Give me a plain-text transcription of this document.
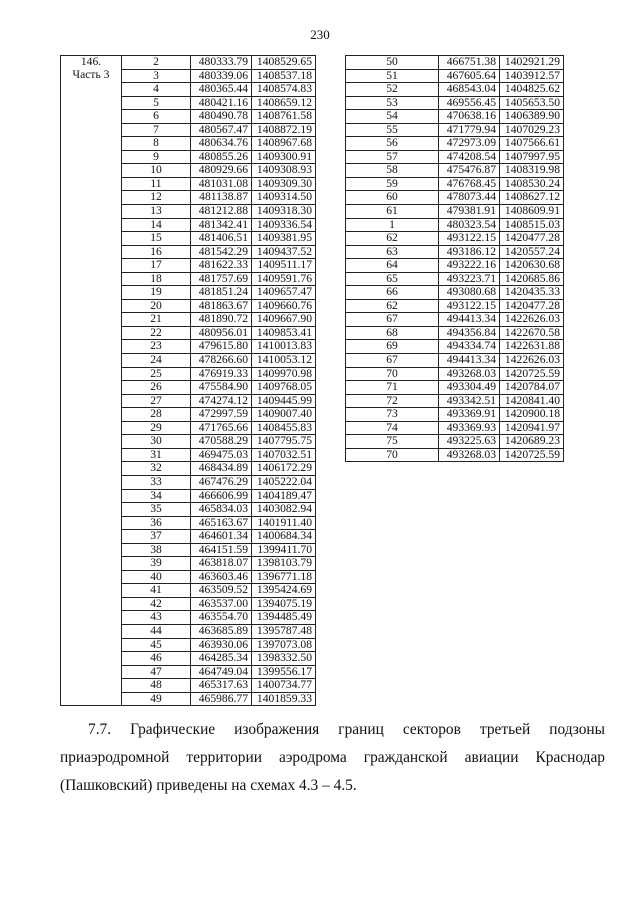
230
146.
Часть 3	2	480333.79	1408529.65
	3	480339.06	1408537.18
	4	480365.44	1408574.83
	5	480421.16	1408659.12
	6	480490.78	1408761.58
	7	480567.47	1408872.19
	8	480634.76	1408967.68
	9	480855.26	1409300.91
	10	480929.66	1409308.93
	11	481031.08	1409309.30
	12	481138.87	1409314.50
	13	481212.88	1409318.30
	14	481342.41	1409336.54
	15	481406.51	1409381.95
	16	481542.29	1409437.52
	17	481622.33	1409511.17
	18	481757.69	1409591.76
	19	481851.24	1409657.47
	20	481863.67	1409660.76
	21	481890.72	1409667.90
	22	480956.01	1409853.41
	23	479615.80	1410013.83
	24	478266.60	1410053.12
	25	476919.33	1409970.98
	26	475584.90	1409768.05
	27	474274.12	1409445.99
	28	472997.59	1409007.40
	29	471765.66	1408455.83
	30	470588.29	1407795.75
	31	469475.03	1407032.51
	32	468434.89	1406172.29
	33	467476.29	1405222.04
	34	466606.99	1404189.47
	35	465834.03	1403082.94
	36	465163.67	1401911.40
	37	464601.34	1400684.34
	38	464151.59	1399411.70
	39	463818.07	1398103.79
	40	463603.46	1396771.18
	41	463509.52	1395424.69
	42	463537.00	1394075.19
	43	463554.70	1394485.49
	44	463685.89	1395787.48
	45	463930.06	1397073.08
	46	464285.34	1398332.50
	47	464749.04	1399556.17
	48	465317.63	1400734.77
	49	465986.77	1401859.33
50	466751.38	1402921.29
51	467605.64	1403912.57
52	468543.04	1404825.62
53	469556.45	1405653.50
54	470638.16	1406389.90
55	471779.94	1407029.23
56	472973.09	1407566.61
57	474208.54	1407997.95
58	475476.87	1408319.98
59	476768.45	1408530.24
60	478073.44	1408627.12
61	479381.91	1408609.91
1	480323.54	1408515.03
62	493122.15	1420477.28
63	493186.12	1420557.24
64	493222.16	1420630.68
65	493223.71	1420685.86
66	493080.68	1420435.33
62	493122.15	1420477.28
67	494413.34	1422626.03
68	494356.84	1422670.58
69	494334.74	1422631.88
67	494413.34	1422626.03
70	493268.03	1420725.59
71	493304.49	1420784.07
72	493342.51	1420841.40
73	493369.91	1420900.18
74	493369.93	1420941.97
75	493225.63	1420689.23
70	493268.03	1420725.59
7.7. Графические изображения границ секторов третьей подзоны приаэродромной территории аэродрома гражданской авиации Краснодар (Пашковский) приведены на схемах 4.3 – 4.5.
